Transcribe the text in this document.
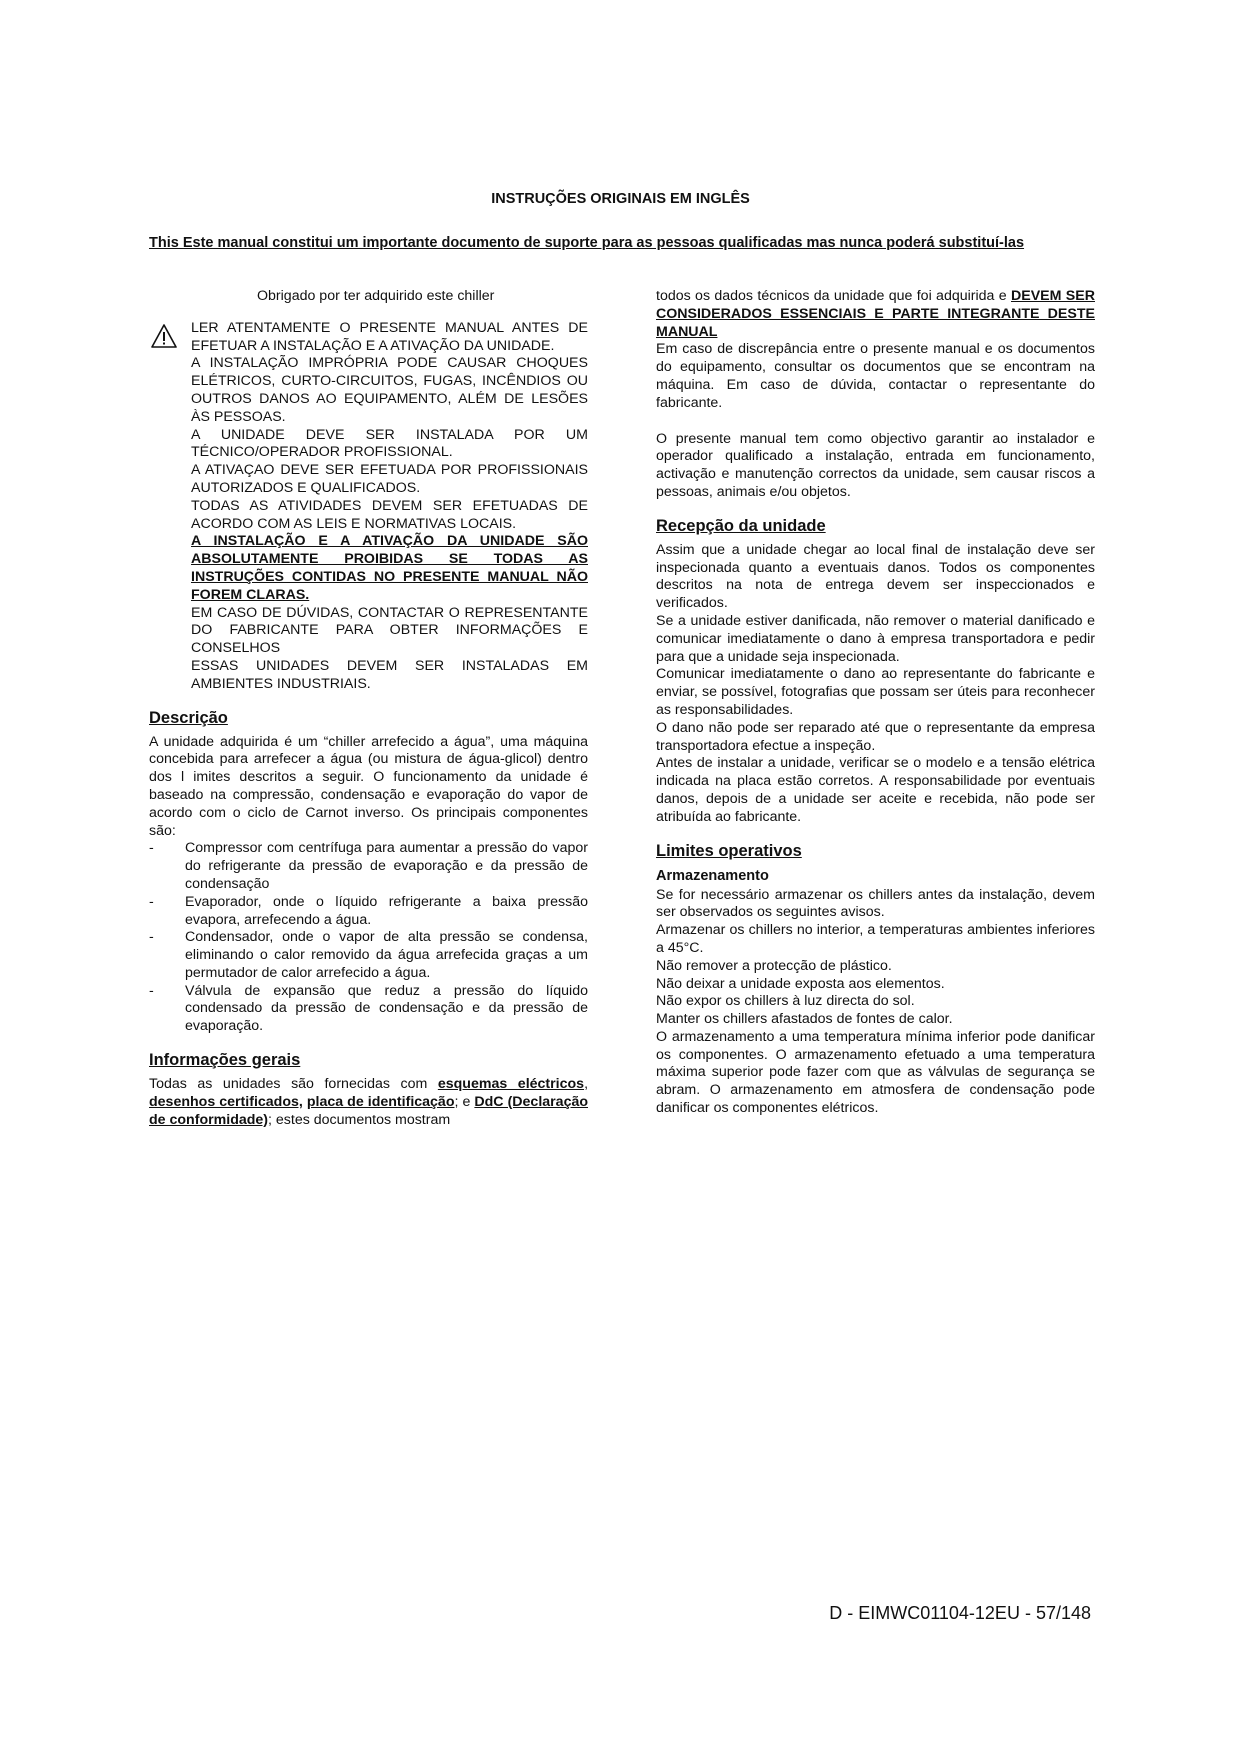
INSTRUÇÕES ORIGINAIS EM INGLÊS
This Este manual constitui um importante documento de suporte para as pessoas qualificadas mas nunca poderá substituí-las

Obrigado por ter adquirido este chiller

LER ATENTAMENTE O PRESENTE MANUAL ANTES DE EFETUAR A INSTALAÇÃO E A ATIVAÇÃO DA UNIDADE.

A INSTALAÇÃO IMPRÓPRIA PODE CAUSAR CHOQUES ELÉTRICOS, CURTO-CIRCUITOS, FUGAS, INCÊNDIOS OU OUTROS DANOS AO EQUIPAMENTO, ALÉM DE LESÕES ÀS PESSOAS.

A UNIDADE DEVE SER INSTALADA POR UM TÉCNICO/OPERADOR PROFISSIONAL.

A ATIVAÇAO DEVE SER EFETUADA POR PROFISSIONAIS AUTORIZADOS E QUALIFICADOS.

TODAS AS ATIVIDADES DEVEM SER EFETUADAS DE ACORDO COM AS LEIS E NORMATIVAS LOCAIS.

A INSTALAÇÃO E A ATIVAÇÃO DA UNIDADE SÃO ABSOLUTAMENTE PROIBIDAS SE TODAS AS INSTRUÇÕES CONTIDAS NO PRESENTE MANUAL NÃO FOREM CLARAS.

EM CASO DE DÚVIDAS, CONTACTAR O REPRESENTANTE DO FABRICANTE PARA OBTER INFORMAÇÕES E CONSELHOS

ESSAS UNIDADES DEVEM SER INSTALADAS EM AMBIENTES INDUSTRIAIS.

Descrição

A unidade adquirida é um “chiller arrefecido a água”, uma máquina concebida para arrefecer a água (ou mistura de água-glicol) dentro dos l imites descritos a seguir. O funcionamento da unidade é baseado na compressão, condensação e evaporação do vapor de acordo com o ciclo de Carnot inverso. Os principais componentes são:

- Compressor com centrífuga para aumentar a pressão do vapor do refrigerante da pressão de evaporação e da pressão de condensação
- Evaporador, onde o líquido refrigerante a baixa pressão evapora, arrefecendo a água.
- Condensador, onde o vapor de alta pressão se condensa, eliminando o calor removido da água arrefecida graças a um permutador de calor arrefecido a água.
- Válvula de expansão que reduz a pressão do líquido condensado da pressão de condensação e da pressão de evaporação.
Informações gerais

Todas as unidades são fornecidas com esquemas eléctricos, desenhos certificados, placa de identificação; e DdC (Declaração de conformidade); estes documentos mostram

todos os dados técnicos da unidade que foi adquirida e DEVEM SER CONSIDERADOS ESSENCIAIS E PARTE INTEGRANTE DESTE MANUAL

Em caso de discrepância entre o presente manual e os documentos do equipamento, consultar os documentos que se encontram na máquina. Em caso de dúvida, contactar o representante do fabricante.

O presente manual tem como objectivo garantir ao instalador e operador qualificado a instalação, entrada em funcionamento, activação e manutenção correctos da unidade, sem causar riscos a pessoas, animais e/ou objetos.

Recepção da unidade

Assim que a unidade chegar ao local final de instalação deve ser inspecionada quanto a eventuais danos. Todos os componentes descritos na nota de entrega devem ser inspeccionados e verificados.

Se a unidade estiver danificada, não remover o material danificado e comunicar imediatamente o dano à empresa transportadora e pedir para que a unidade seja inspecionada.

Comunicar imediatamente o dano ao representante do fabricante e enviar, se possível, fotografias que possam ser úteis para reconhecer as responsabilidades.

O dano não pode ser reparado até que o representante da empresa transportadora efectue a inspeção.

Antes de instalar a unidade, verificar se o modelo e a tensão elétrica indicada na placa estão corretos. A responsabilidade por eventuais danos, depois de a unidade ser aceite e recebida, não pode ser atribuída ao fabricante.

Limites operativos
Armazenamento

Se for necessário armazenar os chillers antes da instalação, devem ser observados os seguintes avisos.

Armazenar os chillers no interior, a temperaturas ambientes inferiores a 45°C.

Não remover a protecção de plástico.

Não deixar a unidade exposta aos elementos.

Não expor os chillers à luz directa do sol.

Manter os chillers afastados de fontes de calor.

O armazenamento a uma temperatura mínima inferior pode danificar os componentes. O armazenamento efetuado a uma temperatura máxima superior pode fazer com que as válvulas de segurança se abram. O armazenamento em atmosfera de condensação pode danificar os componentes elétricos.

D - EIMWC01104-12EU - 57/148
